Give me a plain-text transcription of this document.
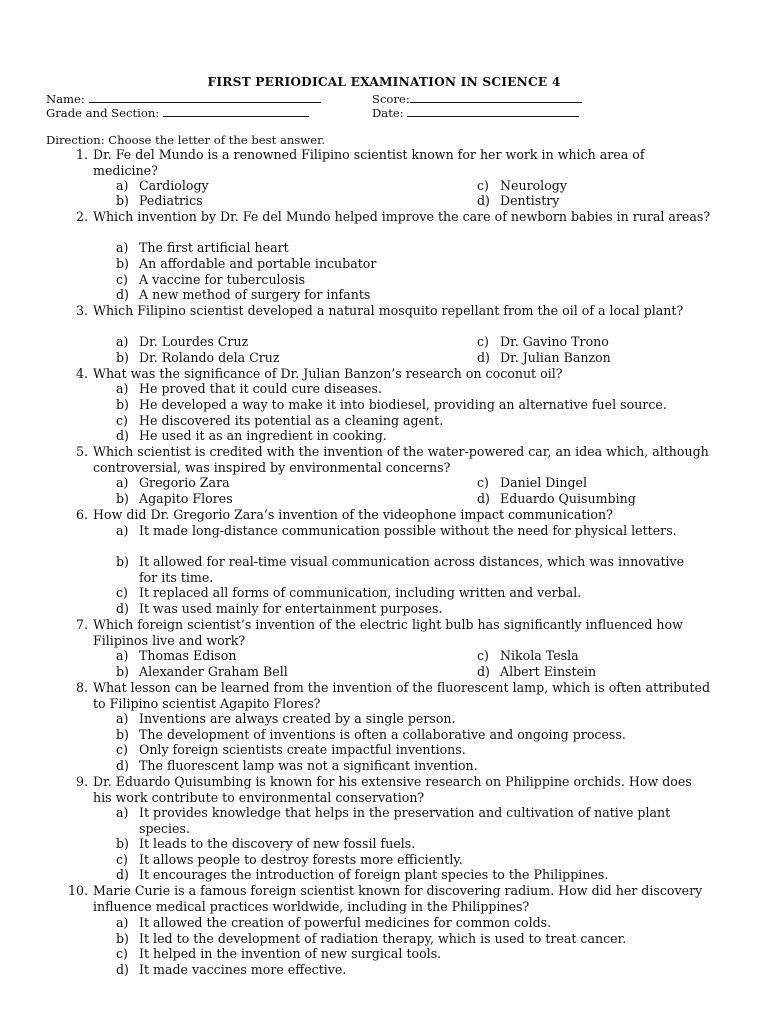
FIRST PERIODICAL EXAMINATION IN SCIENCE 4
Name:	Score:
Grade and Section:	Date:
Direction: Choose the letter of the best answer.
1. Dr. Fe del Mundo is a renowned Filipino scientist known for her work in which area of medicine?
a) Cardiology
b) Pediatrics
c) Neurology
d) Dentistry
2. Which invention by Dr. Fe del Mundo helped improve the care of newborn babies in rural areas?
a) The first artificial heart
b) An affordable and portable incubator
c) A vaccine for tuberculosis
d) A new method of surgery for infants
3. Which Filipino scientist developed a natural mosquito repellant from the oil of a local plant?
a) Dr. Lourdes Cruz
b) Dr. Rolando dela Cruz
c) Dr. Gavino Trono
d) Dr. Julian Banzon
4. What was the significance of Dr. Julian Banzon’s research on coconut oil?
a) He proved that it could cure diseases.
b) He developed a way to make it into biodiesel, providing an alternative fuel source.
c) He discovered its potential as a cleaning agent.
d) He used it as an ingredient in cooking.
5. Which scientist is credited with the invention of the water-powered car, an idea which, although controversial, was inspired by environmental concerns?
a) Gregorio Zara
b) Agapito Flores
c) Daniel Dingel
d) Eduardo Quisumbing
6. How did Dr. Gregorio Zara’s invention of the videophone impact communication?
a) It made long-distance communication possible without the need for physical letters.
b) It allowed for real-time visual communication across distances, which was innovative for its time.
c) It replaced all forms of communication, including written and verbal.
d) It was used mainly for entertainment purposes.
7. Which foreign scientist’s invention of the electric light bulb has significantly influenced how Filipinos live and work?
a) Thomas Edison
b) Alexander Graham Bell
c) Nikola Tesla
d) Albert Einstein
8. What lesson can be learned from the invention of the fluorescent lamp, which is often attributed to Filipino scientist Agapito Flores?
a) Inventions are always created by a single person.
b) The development of inventions is often a collaborative and ongoing process.
c) Only foreign scientists create impactful inventions.
d) The fluorescent lamp was not a significant invention.
9. Dr. Eduardo Quisumbing is known for his extensive research on Philippine orchids. How does his work contribute to environmental conservation?
a) It provides knowledge that helps in the preservation and cultivation of native plant species.
b) It leads to the discovery of new fossil fuels.
c) It allows people to destroy forests more efficiently.
d) It encourages the introduction of foreign plant species to the Philippines.
10. Marie Curie is a famous foreign scientist known for discovering radium. How did her discovery influence medical practices worldwide, including in the Philippines?
a) It allowed the creation of powerful medicines for common colds.
b) It led to the development of radiation therapy, which is used to treat cancer.
c) It helped in the invention of new surgical tools.
d) It made vaccines more effective.
